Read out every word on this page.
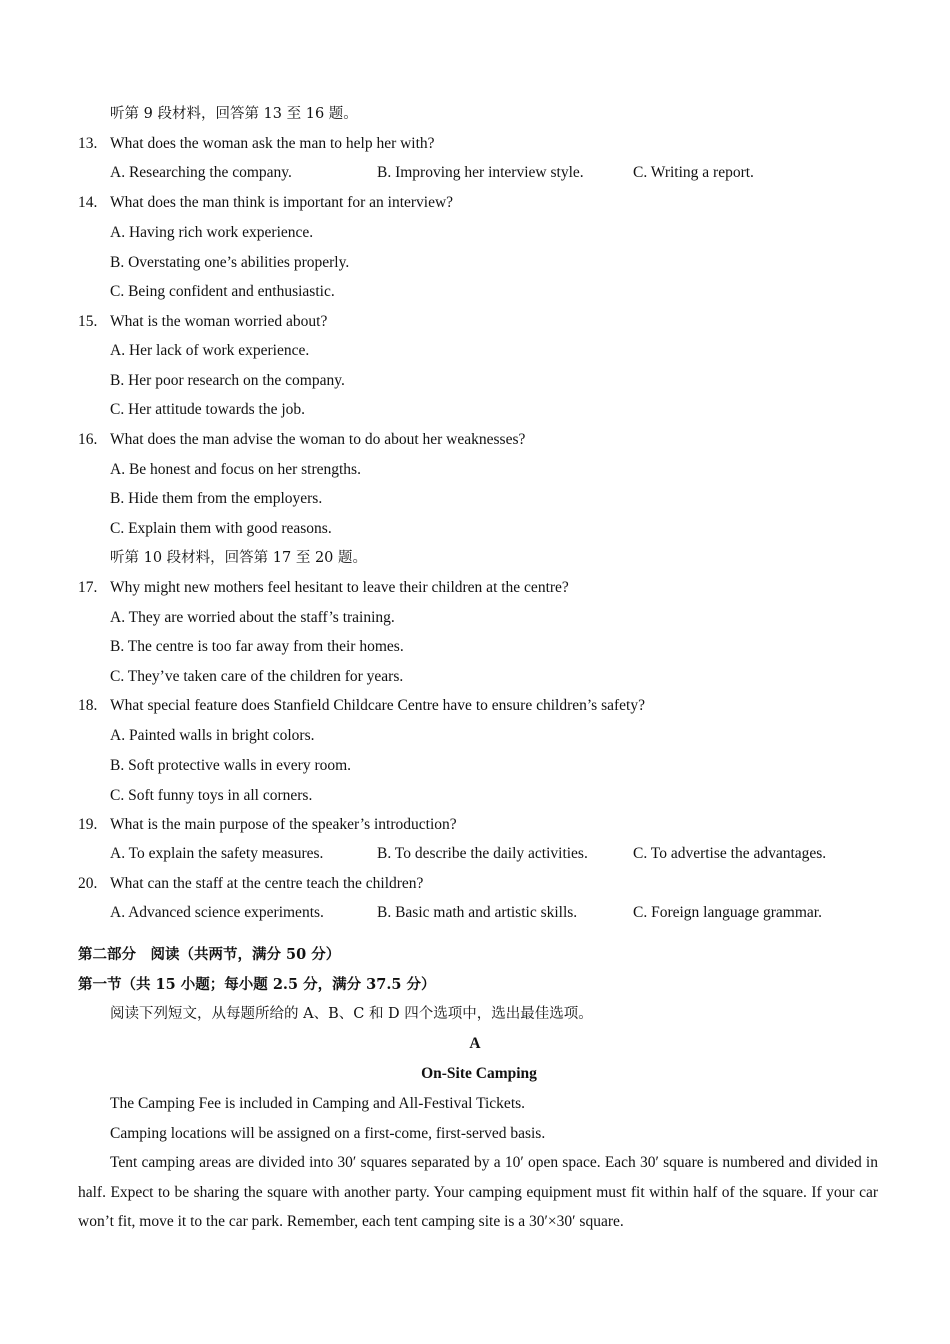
听第 9 段材料，回答第 13 至 16 题。
13. What does the woman ask the man to help her with?
A. Researching the company.	B. Improving her interview style.	C. Writing a report.
14. What does the man think is important for an interview?
A. Having rich work experience.
B. Overstating one’s abilities properly.
C. Being confident and enthusiastic.
15. What is the woman worried about?
A. Her lack of work experience.
B. Her poor research on the company.
C. Her attitude towards the job.
16. What does the man advise the woman to do about her weaknesses?
A. Be honest and focus on her strengths.
B. Hide them from the employers.
C. Explain them with good reasons.
听第 10 段材料，回答第 17 至 20 题。
17. Why might new mothers feel hesitant to leave their children at the centre?
A. They are worried about the staff’s training.
B. The centre is too far away from their homes.
C. They’ve taken care of the children for years.
18. What special feature does Stanfield Childcare Centre have to ensure children’s safety?
A. Painted walls in bright colors.
B. Soft protective walls in every room.
C. Soft funny toys in all corners.
19. What is the main purpose of the speaker’s introduction?
A. To explain the safety measures.	B. To describe the daily activities.	C. To advertise the advantages.
20. What can the staff at the centre teach the children?
A. Advanced science experiments.	B. Basic math and artistic skills.	C. Foreign language grammar.
第二部分　阅读（共两节，满分 50 分）
第一节（共 15 小题；每小题 2.5 分，满分 37.5 分）
阅读下列短文，从每题所给的 A、B、C 和 D 四个选项中，选出最佳选项。
A
On-Site Camping
The Camping Fee is included in Camping and All-Festival Tickets.
Camping locations will be assigned on a first-come, first-served basis.
Tent camping areas are divided into 30′ squares separated by a 10′ open space. Each 30′ square is numbered and divided in half. Expect to be sharing the square with another party. Your camping equipment must fit within half of the square. If your car won’t fit, move it to the car park. Remember, each tent camping site is a 30′×30′ square.
